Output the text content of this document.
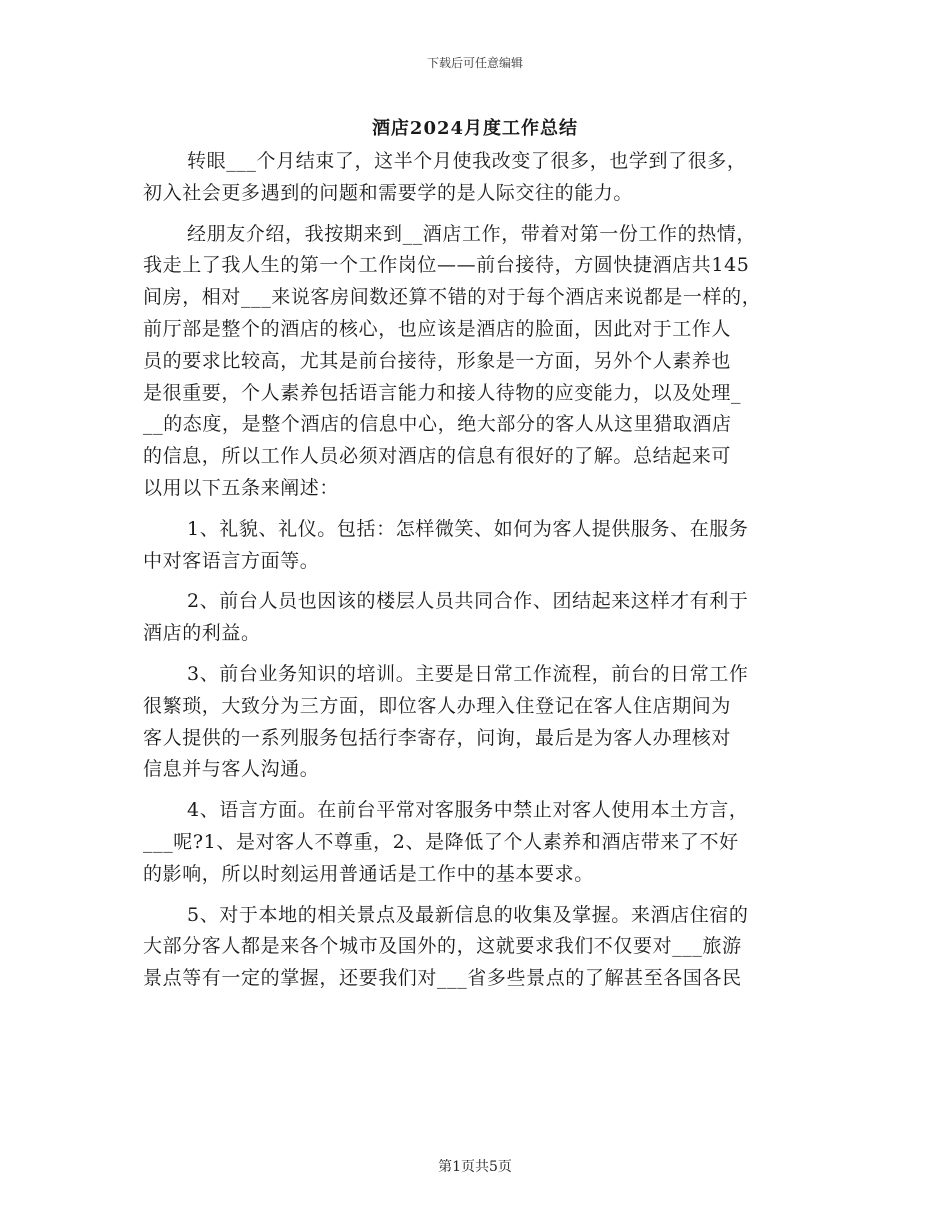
下载后可任意编辑
酒店2024月度工作总结
转眼___个月结束了，这半个月使我改变了很多，也学到了很多，
初入社会更多遇到的问题和需要学的是人际交往的能力。
经朋友介绍，我按期来到__酒店工作，带着对第一份工作的热情，
我走上了我人生的第一个工作岗位——前台接待，方圆快捷酒店共145
间房，相对___来说客房间数还算不错的对于每个酒店来说都是一样的，
前厅部是整个的酒店的核心，也应该是酒店的脸面，因此对于工作人
员的要求比较高，尤其是前台接待，形象是一方面，另外个人素养也
是很重要，个人素养包括语言能力和接人待物的应变能力，以及处理_
__的态度，是整个酒店的信息中心，绝大部分的客人从这里猎取酒店
的信息，所以工作人员必须对酒店的信息有很好的了解。总结起来可
以用以下五条来阐述：
1、礼貌、礼仪。包括：怎样微笑、如何为客人提供服务、在服务
中对客语言方面等。
2、前台人员也因该的楼层人员共同合作、团结起来这样才有利于
酒店的利益。
3、前台业务知识的培训。主要是日常工作流程，前台的日常工作
很繁琐，大致分为三方面，即位客人办理入住登记在客人住店期间为
客人提供的一系列服务包括行李寄存，问询，最后是为客人办理核对
信息并与客人沟通。
4、语言方面。在前台平常对客服务中禁止对客人使用本土方言，
___呢?1、是对客人不尊重，2、是降低了个人素养和酒店带来了不好
的影响，所以时刻运用普通话是工作中的基本要求。
5、对于本地的相关景点及最新信息的收集及掌握。来酒店住宿的
大部分客人都是来各个城市及国外的，这就要求我们不仅要对___旅游
景点等有一定的掌握，还要我们对___省多些景点的了解甚至各国各民
第1页共5页
